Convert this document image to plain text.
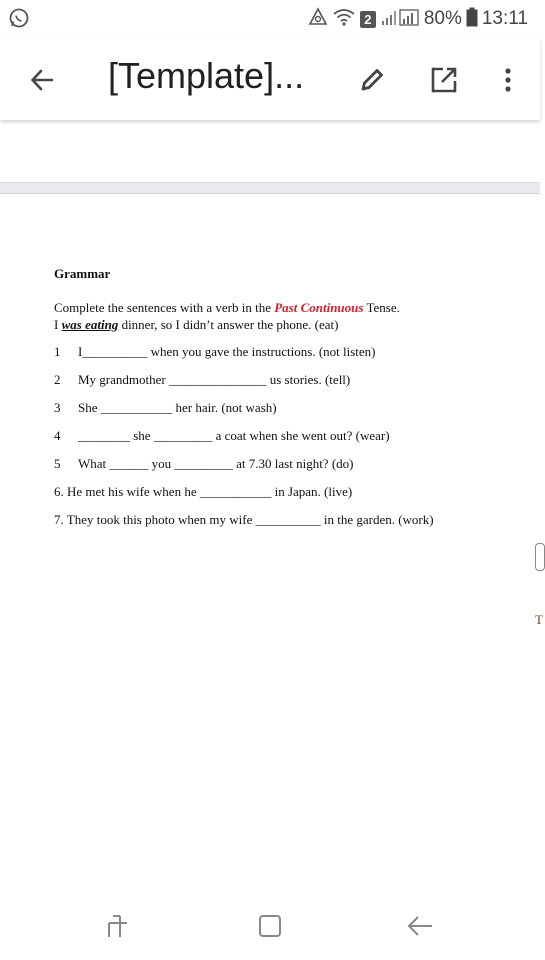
2	80% 13:11
[Template]...
Grammar
Complete the sentences with a verb in the Past Continuous Tense.
I was eating dinner, so I didn’t answer the phone. (eat)
1 I__________ when you gave the instructions. (not listen)
2 My grandmother _______________ us stories. (tell)
3 She ___________ her hair. (not wash)
4 ________ she _________ a coat when she went out? (wear)
5 What ______ you _________ at 7.30 last night? (do)
6. He met his wife when he ___________ in Japan. (live)
7. They took this photo when my wife __________ in the garden. (work)
T
